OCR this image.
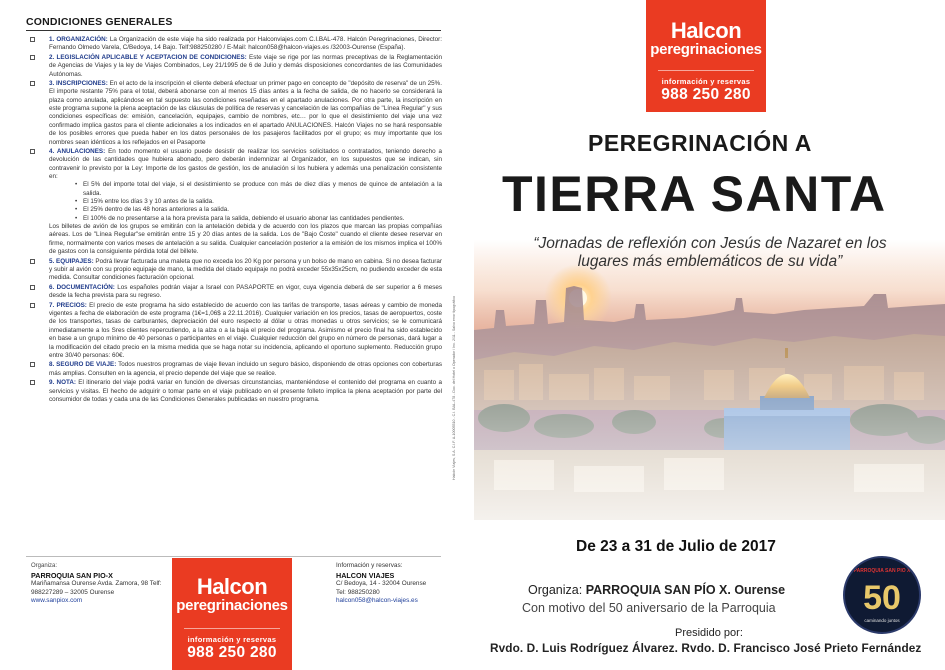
CONDICIONES GENERALES
1. ORGANIZACIÓN: La Organización de este viaje ha sido realizada por Halconviajes.com C.I.BAL-478. Halcón Peregrinaciones, Director: Fernando Olmedo Varela, C/Bedoya, 14 Bajo. Telf:988250280 / E-Mail: halcon058@halcon-viajes.es /32003-Ourense (España).
2. LEGISLACIÓN APLICABLE Y ACEPTACION DE CONDICIONES: Este viaje se rige por las normas preceptivas de la Reglamentación de Agencias de Viajes y la ley de Viajes Combinados, Ley 21/1995 de 6 de Julio y demás disposiciones concordantes de las Comunidades Autónomas.
3. INSCRIPCIONES: En el acto de la inscripción el cliente deberá efectuar un primer pago en concepto de "depósito de reserva" de un 25%. El importe restante 75% para el total, deberá abonarse con al menos 15 días antes a la fecha de salida, de no hacerlo se considerará la plaza como anulada, aplicándose en tal supuesto las condiciones reseñadas en el apartado anulaciones. Por otra parte, la inscripción en este programa supone la plena aceptación de las cláusulas de política de reservas y cancelación de las compañías de "Línea Regular" y sus condiciones específicas de: emisión, cancelación, equipajes, cambio de nombres, etc… por lo que el desistimiento del viaje una vez confirmado implica gastos para el cliente adicionales a los indicados en el apartado ANULACIONES. Halcón Viajes no se hará responsable de los posibles errores que pueda haber en los datos personales de los pasajeros facilitados por el grupo; es muy importante que los nombres sean idénticos a los reflejados en el Pasaporte
4. ANULACIONES: En todo momento el usuario puede desistir de realizar los servicios solicitados o contratados, teniendo derecho a devolución de las cantidades que hubiera abonado, pero deberán indemnizar al Organizador, en los supuestos que se indican, sin contravenir lo previsto por la Ley: Importe de los gastos de gestión, los de anulación si los hubiera y además una penalización consistente en:
• El 5% del importe total del viaje, si el desistimiento se produce con más de diez días y menos de quince de antelación a la salida.
• El 15% entre los días 3 y 10 antes de la salida.
• El 25% dentro de las 48 horas anteriores a la salida.
• El 100% de no presentarse a la hora prevista para la salida, debiendo el usuario abonar las cantidades pendientes.
Los billetes de avión de los grupos se emitirán con la antelación debida y de acuerdo con los plazos que marcan las propias compañías aéreas. Los de "Línea Regular"se emitirán entre 15 y 20 días antes de la salida. Los de "Bajo Coste" cuando el cliente desee reservar en firme, normalmente con varios meses de antelación a su salida. Cualquier cancelación posterior a la emisión de los mismos implica el 100% de gastos con la consiguiente pérdida total del billete.
5. EQUIPAJES: Podrá llevar facturada una maleta que no exceda los 20 Kg por persona y un bolso de mano en cabina. Si no desea facturar y subir al avión con su propio equipaje de mano, la medida del citado equipaje no podrá exceder 55x35x25cm, no pudiendo exceder de esta medida. Consultar condiciones facturación opcional.
6. DOCUMENTACIÓN: Los españoles podrán viajar a Israel con PASAPORTE en vigor, cuya vigencia deberá de ser superior a 6 meses desde la fecha prevista para su regreso.
7. PRECIOS: El precio de este programa ha sido establecido de acuerdo con las tarifas de transporte, tasas aéreas y cambio de moneda vigentes a fecha de elaboración de este programa (1€=1,06$ a 22.11.2016). Cualquier variación en los precios, tasas de aeropuertos, coste de los transportes, tasas de carburantes, depreciación del euro respecto al dólar u otras monedas u otros servicios; se le comunicará inmediatamente a los Sres clientes repercutiendo, a la alza o a la baja el precio del programa. Asimismo el precio final ha sido establecido en base a un grupo mínimo de 40 personas o participantes en el viaje. Cualquier reducción del grupo en número de personas, dará lugar a la modificación del citado precio en la misma medida que se haga notar su incidencia, aplicando el oportuno suplemento. Reducción grupo entre 30/40 personas: 60€.
8. SEGURO DE VIAJE: Todos nuestros programas de viaje llevan incluido un seguro básico, disponiendo de otras opciones con coberturas más amplias. Consulten en la agencia, el precio depende del viaje que se realice.
9. NOTA: El itinerario del viaje podrá variar en función de diversas circunstancias, manteniéndose el contenido del programa en cuanto a servicios y visitas. El hecho de adquirir o tomar parte en el viaje publicado en el presente folleto implica la plena aceptación por parte del consumidor de todas y cada una de las Condiciones Generales publicadas en nuestro programa.
Organiza:
PARROQUIA SAN PIO-X
Mariñamansa Ourense Avda. Zamora, 98 Telf: 988227289 – 32005 Ourense
www.sanpiox.com
Halcon
peregrinaciones
información y reservas
988 250 280
Información y reservas:
HALCON VIAJES
C/ Bedoya, 14 - 32004 Ourense
Tel: 988250280
halcon058@halcon-viajes.es
Halcón Viajes, S.A. C.I.F. A-10005510 - C.I. BAL-478 - Doc. del Hotel o Operador / Inc. 2/11 - Salvo error tipográfico
Halcon
peregrinaciones
información y reservas
988 250 280
PEREGRINACIÓN A
TIERRA SANTA
“Jornadas de reflexión con Jesús de Nazaret en los lugares más emblemáticos de su vida”
De 23 a 31 de Julio de 2017
Organiza: PARROQUIA SAN PÍO X. Ourense
Con motivo del 50 aniversario de la Parroquia
Presidido por:
Rvdo. D. Luis Rodríguez Álvarez. Rvdo. D. Francisco José Prieto Fernández
PARROQUIA SAN PIO X
50
caminando juntos
